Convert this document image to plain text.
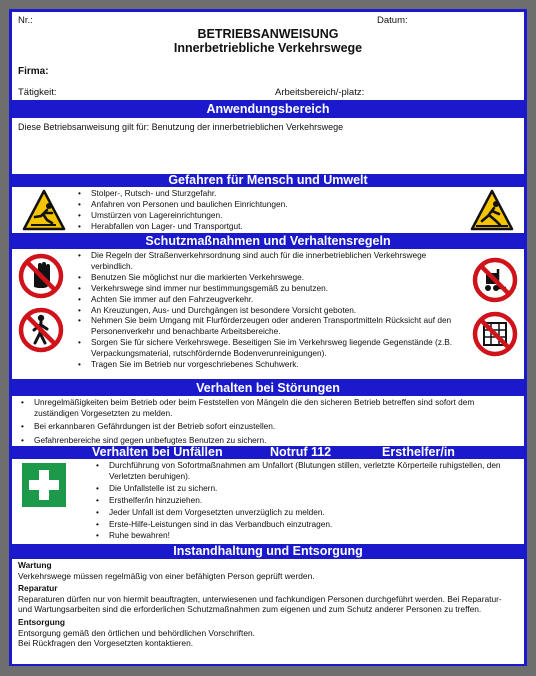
Nr.:	Datum:
BETRIEBSANWEISUNG
Innerbetriebliche Verkehrswege
Firma:
Tätigkeit:	Arbeitsbereich/-platz:
Anwendungsbereich
Diese Betriebsanweisung gilt für: Benutzung der innerbetrieblichen Verkehrswege
Gefahren für Mensch und Umwelt
• Stolper-, Rutsch- und Sturzgefahr.
• Anfahren von Personen und baulichen Einrichtungen.
• Umstürzen von Lagereinrichtungen.
• Herabfallen von Lager- und Transportgut.
Schutzmaßnahmen und Verhaltensregeln
• Die Regeln der Straßenverkehrsordnung sind auch für die innerbetrieblichen Verkehrswege verbindlich.
• Benutzen Sie möglichst nur die markierten Verkehrswege.
• Verkehrswege sind immer nur bestimmungsgemäß zu benutzen.
• Achten Sie immer auf den Fahrzeugverkehr.
• An Kreuzungen, Aus- und Durchgängen ist besondere Vorsicht geboten.
• Nehmen Sie beim Umgang mit Flurförderzeugen oder anderen Transportmitteln Rücksicht auf den Personenverkehr und benachbarte Arbeitsbereiche.
• Sorgen Sie für sichere Verkehrswege. Beseitigen Sie im Verkehrsweg liegende Gegenstände (z.B. Verpackungsmaterial, rutschfördernde Bodenverunreinigungen).
• Tragen Sie im Betrieb nur vorgeschriebenes Schuhwerk.
Verhalten bei Störungen
• Unregelmäßigkeiten beim Betrieb oder beim Feststellen von Mängeln die den sicheren Betrieb betreffen sind sofort dem zuständigen Vorgesetzten zu melden.
• Bei erkannbaren Gefährdungen ist der Betrieb sofort einzustellen.
• Gefahrenbereiche sind gegen unbefugtes Benutzen zu sichern.
Verhalten bei Unfällen	Notruf 112	Ersthelfer/in
• Durchführung von Sofortmaßnahmen am Unfallort (Blutungen stillen, verletzte Körperteile ruhigstellen, den Verletzten beruhigen).
• Die Unfallstelle ist zu sichern.
• Ersthelfer/in hinzuziehen.
• Jeder Unfall ist dem Vorgesetzten unverzüglich zu melden.
• Erste-Hilfe-Leistungen sind in das Verbandbuch einzutragen.
• Ruhe bewahren!
Instandhaltung und Entsorgung
Wartung
Verkehrswege müssen regelmäßig von einer befähigten Person geprüft werden.
Reparatur
Reparaturen dürfen nur von hiermit beauftragten, unterwiesenen und fachkundigen Personen durchgeführt werden. Bei Reparatur- und Wartungsarbeiten sind die erforderlichen Schutzmaßnahmen zum eigenen und zum Schutz anderer Personen zu treffen.
Entsorgung
Entsorgung gemäß den örtlichen und behördlichen Vorschriften.
Bei Rückfragen den Vorgesetzten kontaktieren.
